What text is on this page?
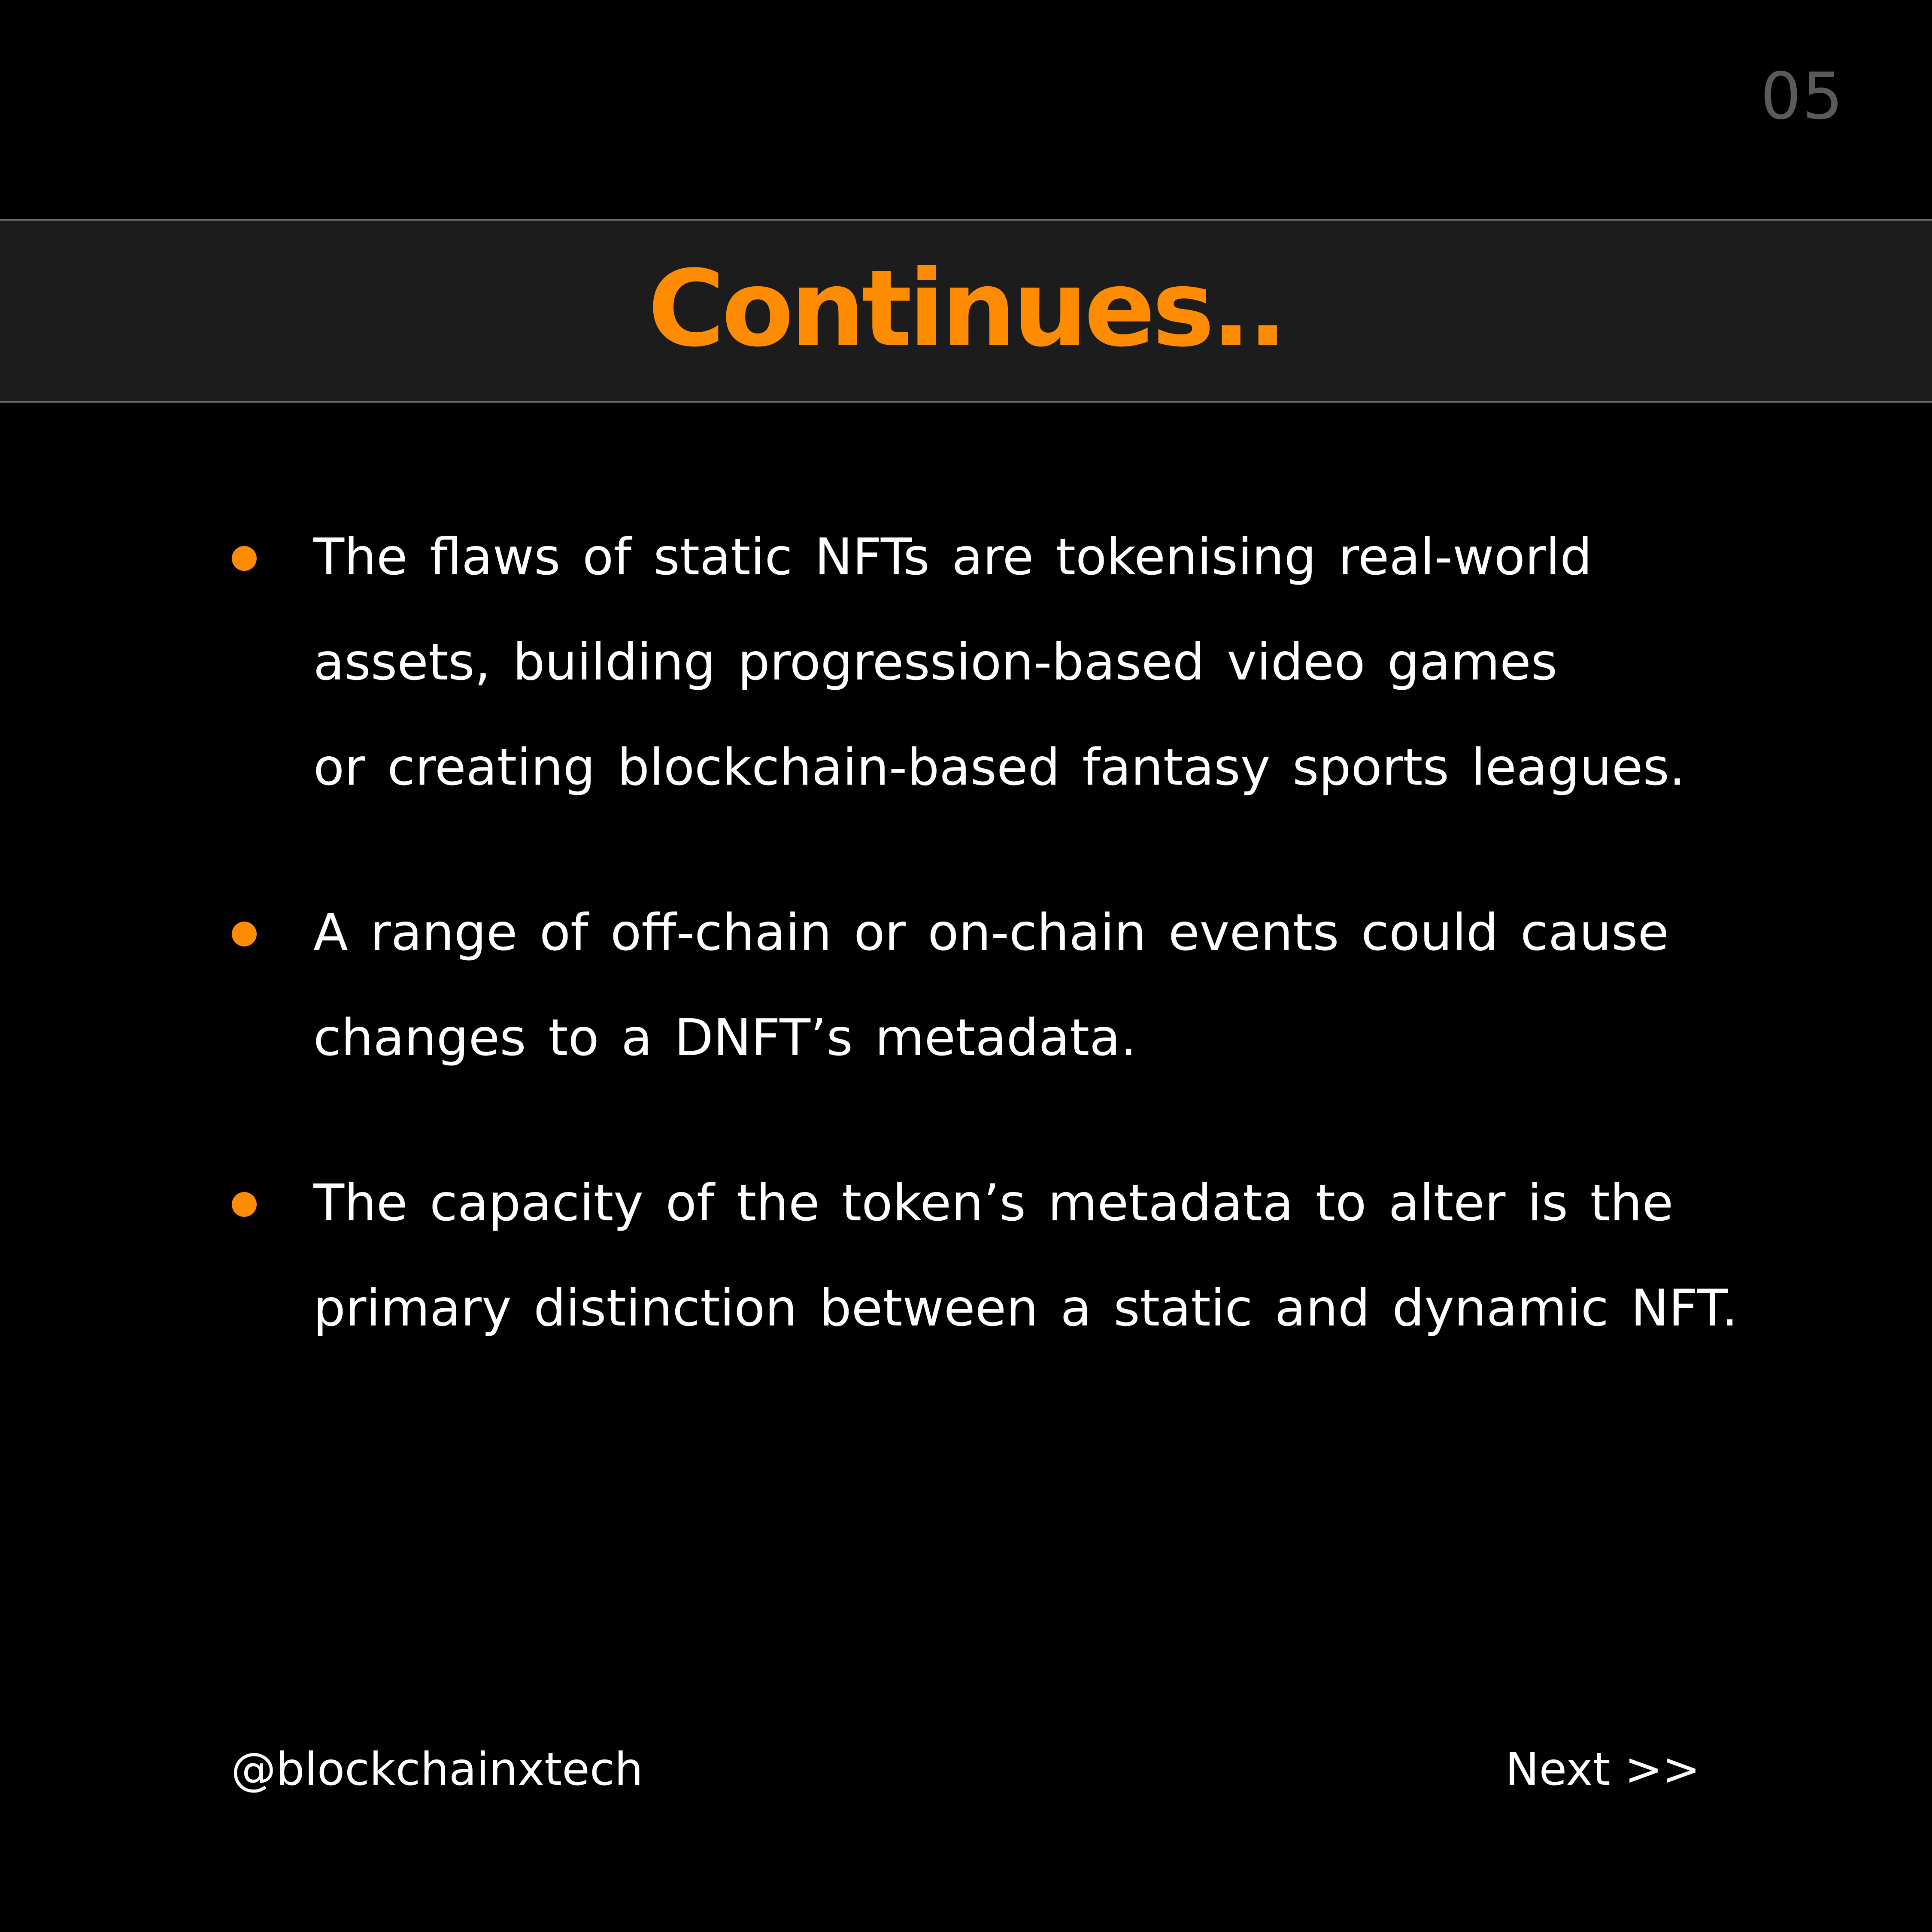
05
Continues..
The flaws of static NFTs are tokenising real-world
assets, building progression-based video games
or creating blockchain-based fantasy sports leagues.
A range of off-chain or on-chain events could cause
changes to a DNFT’s metadata.
The capacity of the token’s metadata to alter is the
primary distinction between a static and dynamic NFT.
@blockchainxtech	Next >>
